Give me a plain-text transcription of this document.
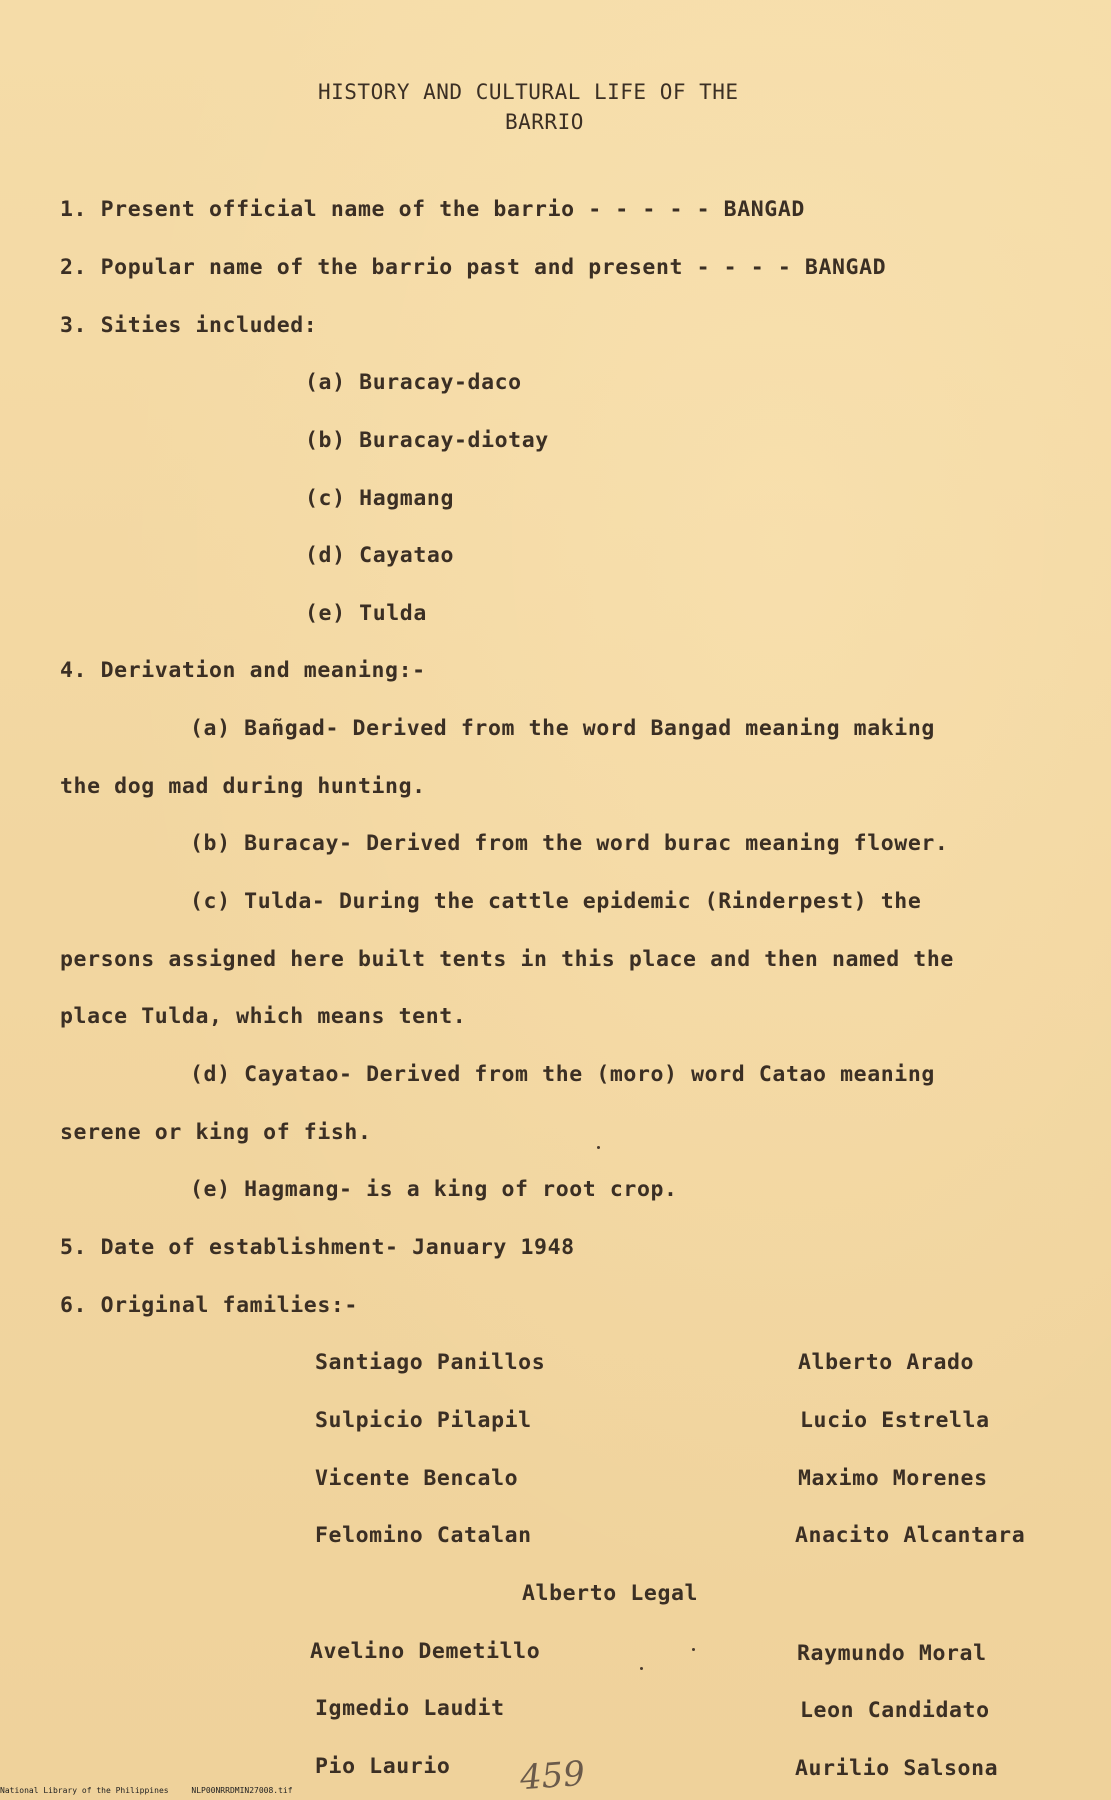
HISTORY AND CULTURAL LIFE OF THE
BARRIO
1. Present official name of the barrio - - - - - BANGAD
2. Popular name of the barrio past and present - - - - BANGAD
3. Sities included:
(a) Buracay-daco
(b) Buracay-diotay
(c) Hagmang
(d) Cayatao
(e) Tulda
4. Derivation and meaning:-
(a) Bañgad- Derived from the word Bangad meaning making
the dog mad during hunting.
(b) Buracay- Derived from the word burac meaning flower.
(c) Tulda- During the cattle epidemic (Rinderpest) the
persons assigned here built tents in this place and then named the
place Tulda, which means tent.
(d) Cayatao- Derived from the (moro) word Catao meaning
serene or king of fish.
(e) Hagmang- is a king of root crop.
5. Date of establishment- January 1948
6. Original families:-
Santiago Panillos	Alberto Arado
Sulpicio Pilapil	Lucio Estrella
Vicente Bencalo	Maximo Morenes
Felomino Catalan	Anacito Alcantara
Alberto Legal
Avelino Demetillo	Raymundo Moral
Igmedio Laudit	Leon Candidato
Pio Laurio	Aurilio Salsona
459
National Library of the Philippines	NLP00NRRDMIN27008.tif
